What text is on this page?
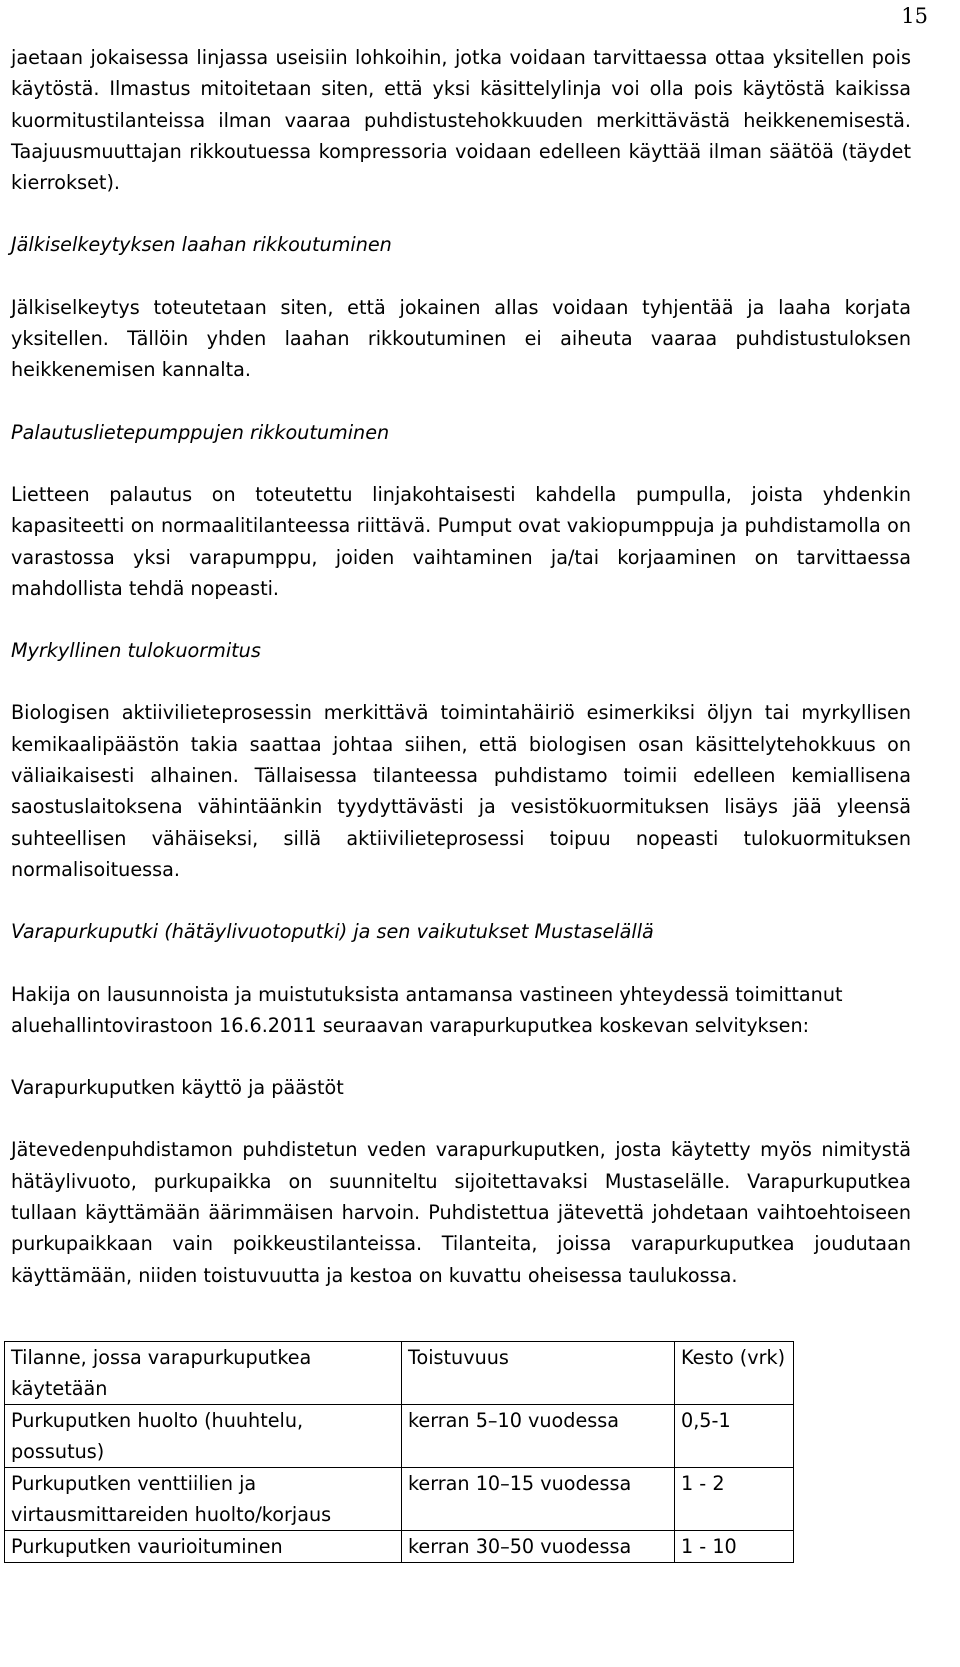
15

jaetaan jokaisessa linjassa useisiin lohkoihin, jotka voidaan tarvittaessa ottaa yksitellen pois käytöstä. Ilmastus mitoitetaan siten, että yksi käsittelylinja voi olla pois käytöstä kaikissa kuormitustilanteissa ilman vaaraa puhdistustehokkuuden merkittävästä heikkenemisestä. Taajuusmuuttajan rikkoutuessa kompressoria voidaan edelleen käyttää ilman säätöä (täydet kierrokset).

Jälkiselkeytyksen laahan rikkoutuminen

Jälkiselkeytys toteutetaan siten, että jokainen allas voidaan tyhjentää ja laaha korjata yksitellen. Tällöin yhden laahan rikkoutuminen ei aiheuta vaaraa puhdistustuloksen heikkenemisen kannalta.

Palautuslietepumppujen rikkoutuminen

Lietteen palautus on toteutettu linjakohtaisesti kahdella pumpulla, joista yhdenkin kapasiteetti on normaalitilanteessa riittävä. Pumput ovat vakiopumppuja ja puhdistamolla on varastossa yksi varapumppu, joiden vaihtaminen ja/tai korjaaminen on tarvittaessa mahdollista tehdä nopeasti.

Myrkyllinen tulokuormitus

Biologisen aktiivilieteprosessin merkittävä toimintahäiriö esimerkiksi öljyn tai myrkyllisen kemikaalipäästön takia saattaa johtaa siihen, että biologisen osan käsittelytehokkuus on väliaikaisesti alhainen. Tällaisessa tilanteessa puhdistamo toimii edelleen kemiallisena saostuslaitoksena vähintäänkin tyydyttävästi ja vesistökuormituksen lisäys jää yleensä suhteellisen vähäiseksi, sillä aktiivilieteprosessi toipuu nopeasti tulokuormituksen normalisoituessa.

Varapurkuputki (hätäylivuotoputki) ja sen vaikutukset Mustaselällä

Hakija on lausunnoista ja muistutuksista antamansa vastineen yhteydessä toimittanut aluehallintovirastoon 16.6.2011 seuraavan varapurkuputkea koskevan selvityksen:

Varapurkuputken käyttö ja päästöt

Jätevedenpuhdistamon puhdistetun veden varapurkuputken, josta käytetty myös nimitystä hätäylivuoto, purkupaikka on suunniteltu sijoitettavaksi Mustaselälle. Varapurkuputkea tullaan käyttämään äärimmäisen harvoin. Puhdistettua jätevettä johdetaan vaihtoehtoiseen purkupaikkaan vain poikkeustilanteissa. Tilanteita, joissa varapurkuputkea joudutaan käyttämään, niiden toistuvuutta ja kestoa on kuvattu oheisessa taulukossa.

Tilanne, jossa varapurkuputkea käytetään	Toistuvuus	Kesto (vrk)
Purkuputken huolto (huuhtelu, possutus)	kerran 5–10 vuodessa	0,5-1
Purkuputken venttiilien ja virtausmittareiden huolto/korjaus	kerran 10–15 vuodessa	1 - 2
Purkuputken vaurioituminen	kerran 30–50 vuodessa	1 - 10
